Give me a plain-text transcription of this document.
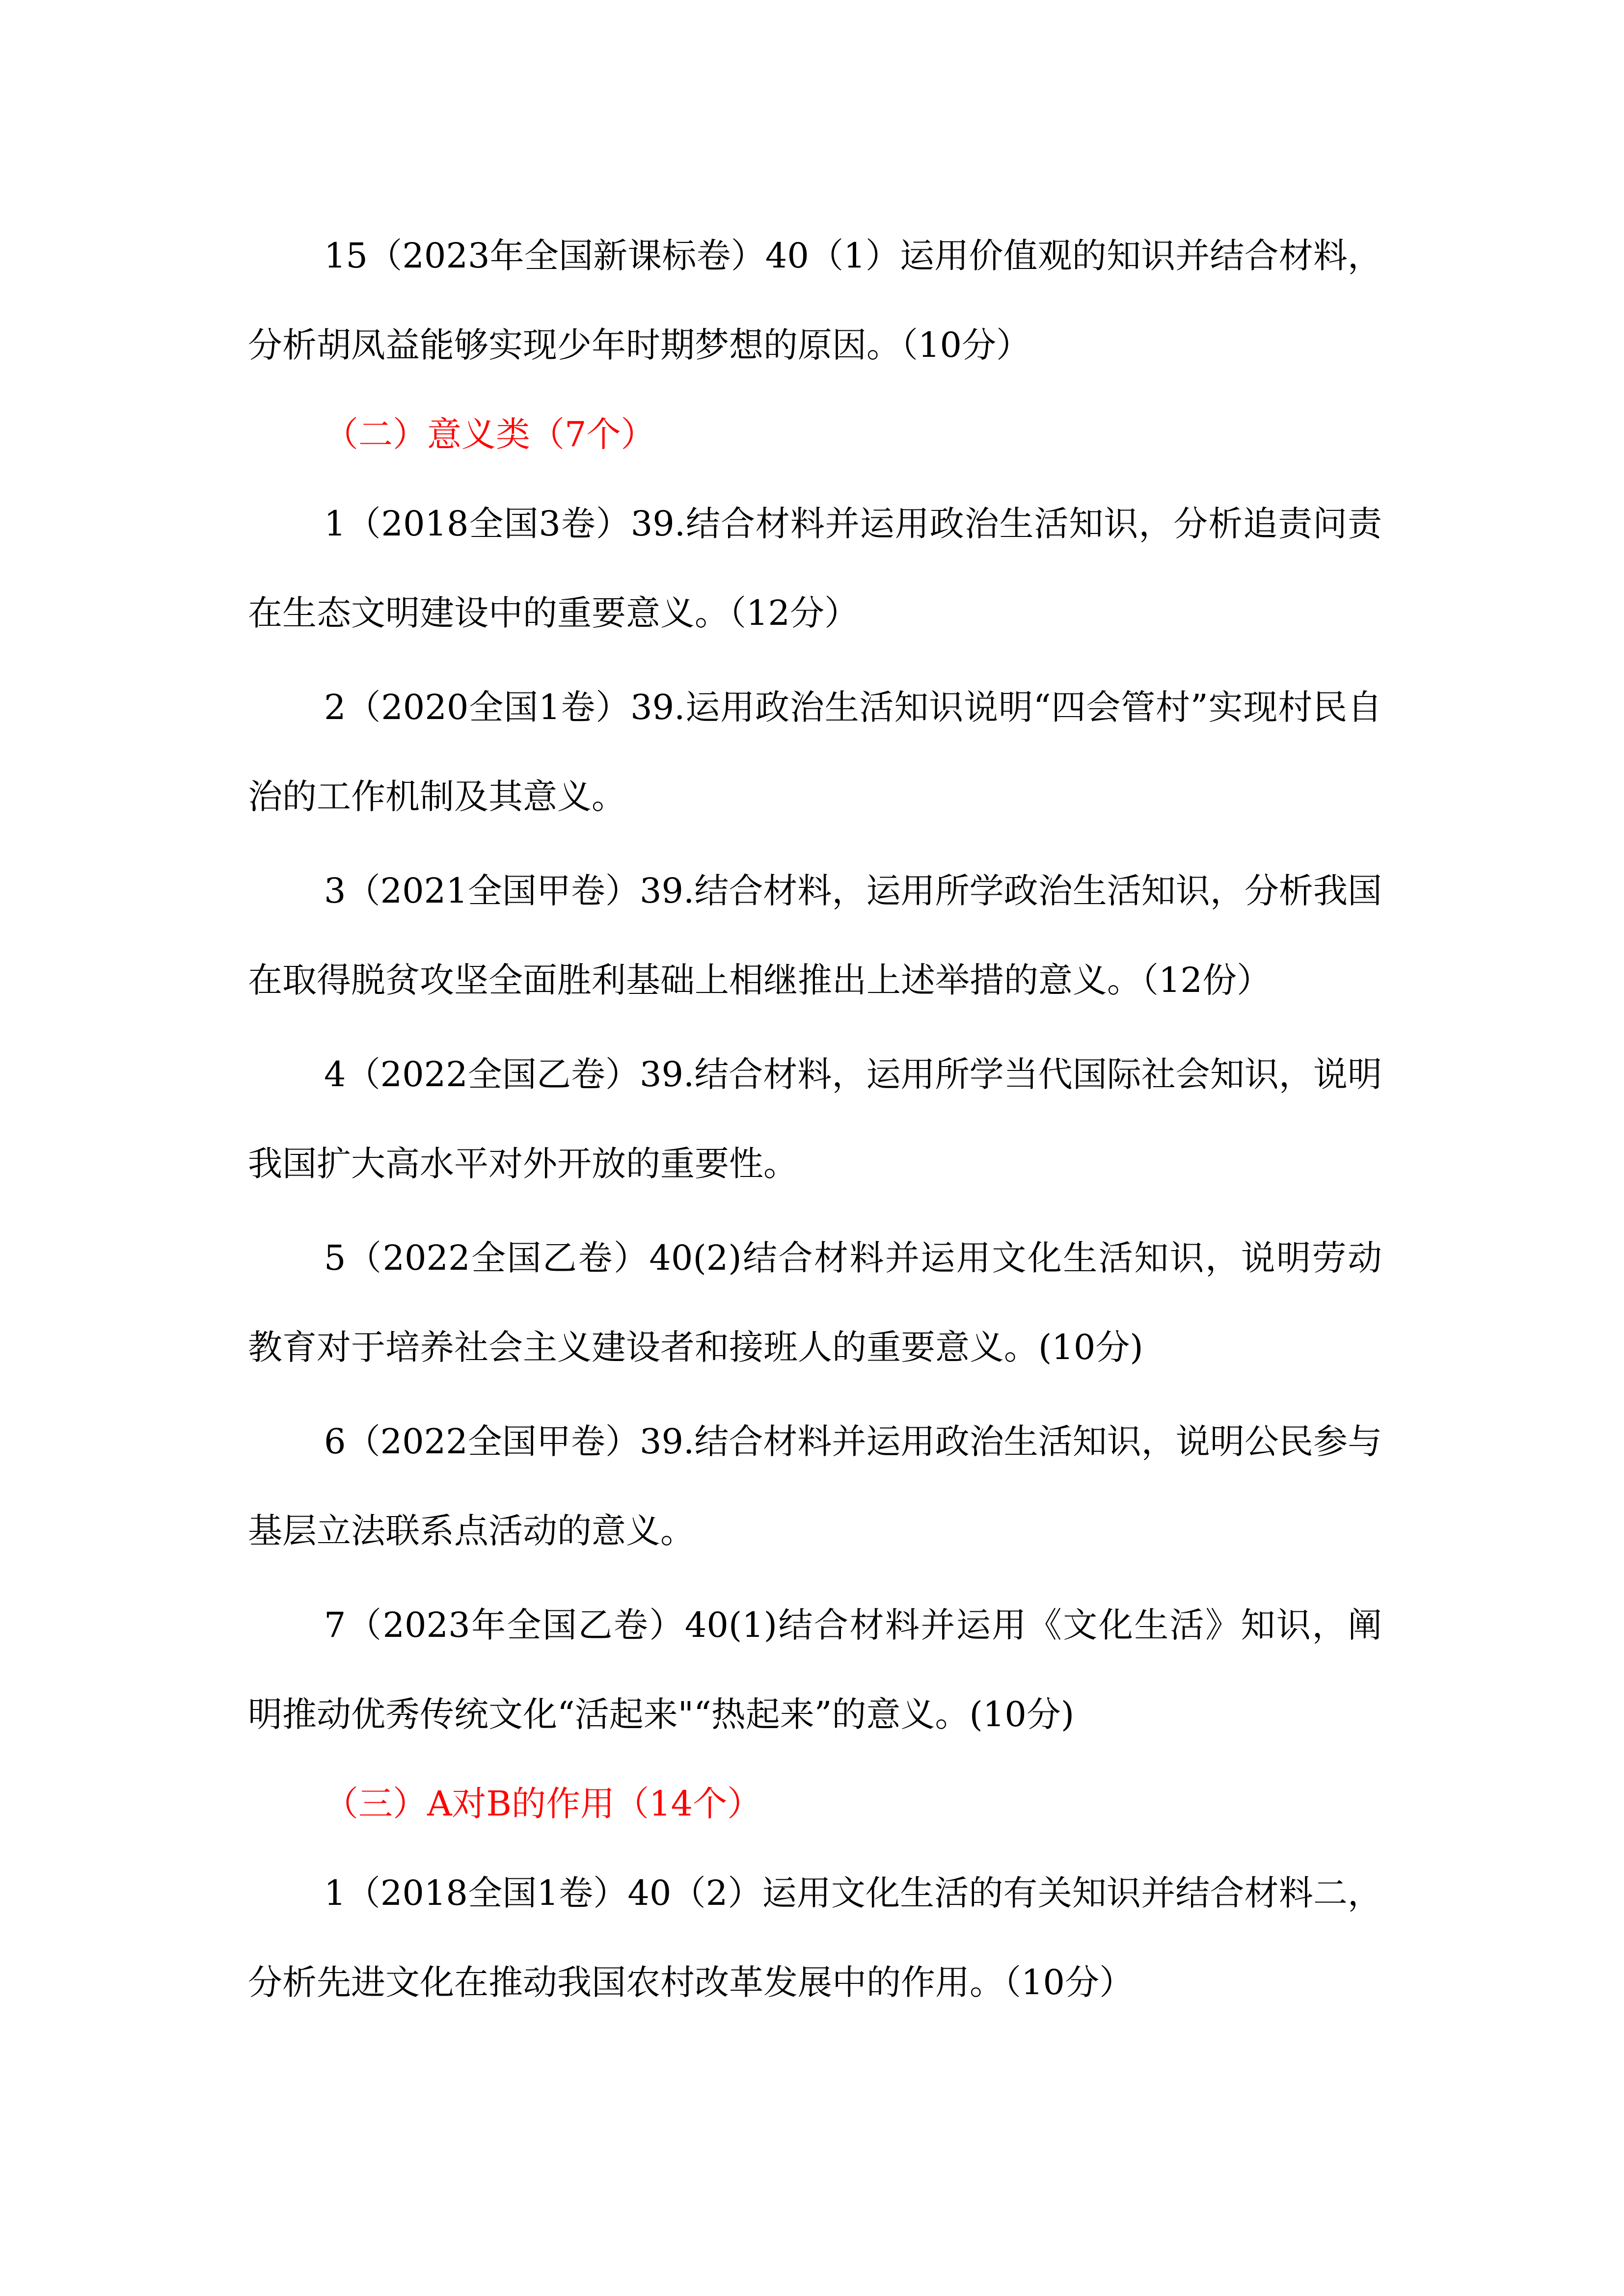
15（2023年全国新课标卷）40（1）运用价值观的知识并结合材料，分析胡凤益能够实现少年时期梦想的原因。（10分）

（二）意义类（7个）

1（2018全国3卷）39.结合材料并运用政治生活知识，分析追责问责在生态文明建设中的重要意义。（12分）

2（2020全国1卷）39.运用政治生活知识说明“四会管村”实现村民自治的工作机制及其意义。

3（2021全国甲卷）39.结合材料，运用所学政治生活知识，分析我国在取得脱贫攻坚全面胜利基础上相继推出上述举措的意义。（12份）

4（2022全国乙卷）39.结合材料，运用所学当代国际社会知识，说明我国扩大高水平对外开放的重要性。

5（2022全国乙卷）40(2)结合材料并运用文化生活知识，说明劳动教育对于培养社会主义建设者和接班人的重要意义。(10分)

6（2022全国甲卷）39.结合材料并运用政治生活知识，说明公民参与基层立法联系点活动的意义。

7（2023年全国乙卷）40(1)结合材料并运用《文化生活》知识，阐明推动优秀传统文化“活起来"“热起来”的意义。(10分)

（三）A对B的作用（14个）

1（2018全国1卷）40（2）运用文化生活的有关知识并结合材料二，分析先进文化在推动我国农村改革发展中的作用。（10分）
